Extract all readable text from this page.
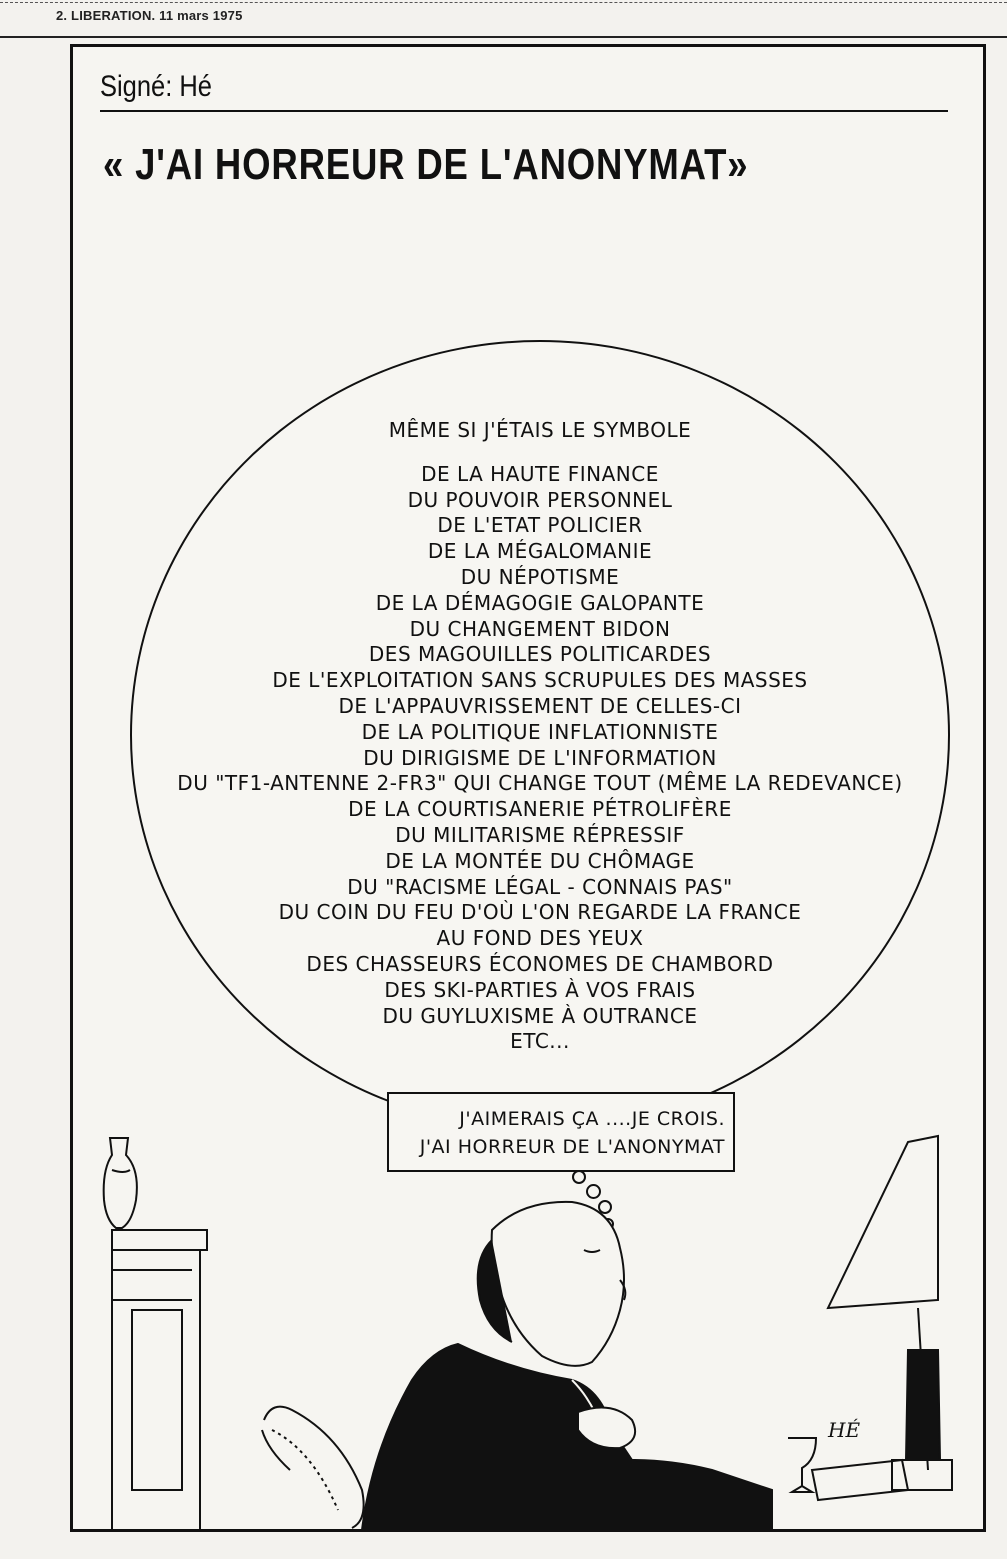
2. LIBERATION. 11 mars 1975
Signé: Hé
« J'AI HORREUR DE L'ANONYMAT»
MÊME SI J'ÉTAIS LE SYMBOLE
DE LA HAUTE FINANCE
DU POUVOIR PERSONNEL
DE L'ETAT POLICIER
DE LA MÉGALOMANIE
DU NÉPOTISME
DE LA DÉMAGOGIE GALOPANTE
DU CHANGEMENT BIDON
DES MAGOUILLES POLITICARDES
DE L'EXPLOITATION SANS SCRUPULES DES MASSES
DE L'APPAUVRISSEMENT DE CELLES-CI
DE LA POLITIQUE INFLATIONNISTE
DU DIRIGISME DE L'INFORMATION
DU "TF1-ANTENNE 2-FR3" QUI CHANGE TOUT (MÊME LA REDEVANCE)
DE LA COURTISANERIE PÉTROLIFÈRE
DU MILITARISME RÉPRESSIF
DE LA MONTÉE DU CHÔMAGE
DU "RACISME LÉGAL - CONNAIS PAS"
DU COIN DU FEU D'OÙ L'ON REGARDE LA FRANCE
AU FOND DES YEUX
DES CHASSEURS ÉCONOMES DE CHAMBORD
DES SKI-PARTIES À VOS FRAIS
DU GUYLUXISME À OUTRANCE
ETC...
J'AIMERAIS ÇA ....JE CROIS.
J'AI HORREUR DE L'ANONYMAT
HÉ
